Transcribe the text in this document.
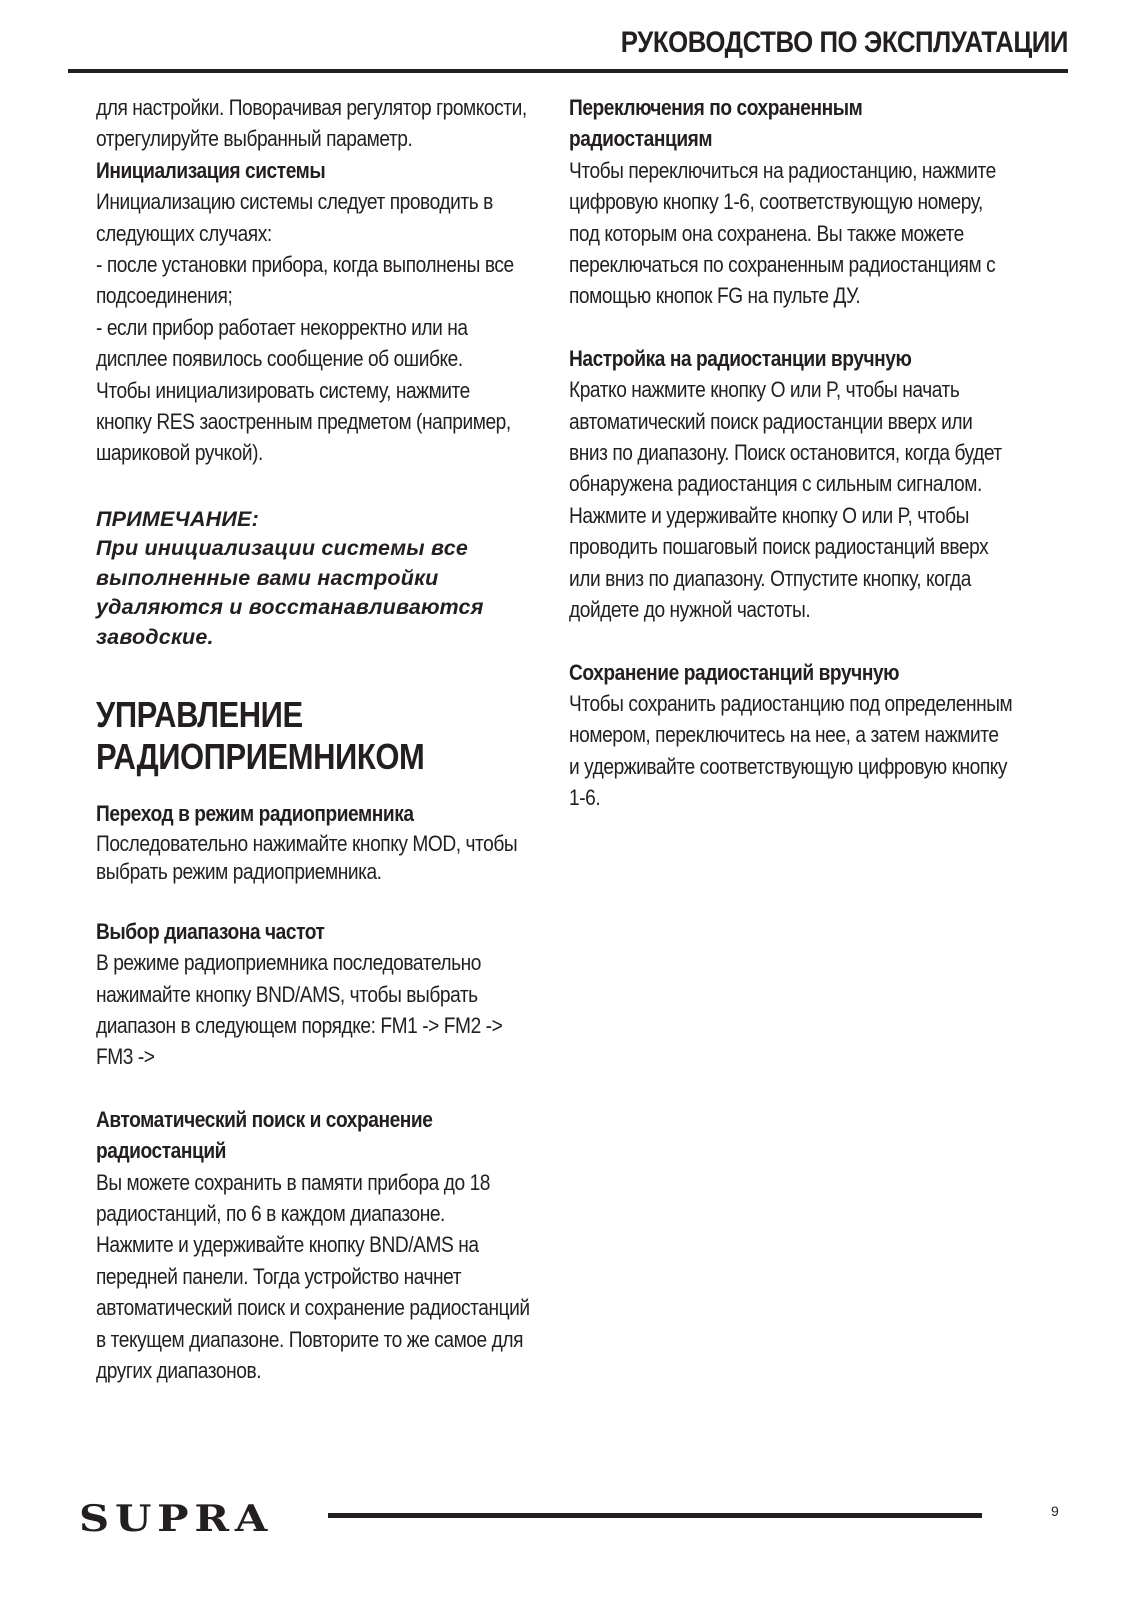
РУКОВОДСТВО ПО ЭКСПЛУАТАЦИИ

для настройки. Поворачивая регулятор громкости,

отрегулируйте выбранный параметр.

Инициализация системы

Инициализацию системы следует проводить в

следующих случаях:

- после установки прибора, когда выполнены все

подсоединения;

- если прибор работает некорректно или на

дисплее появилось сообщение об ошибке.

Чтобы инициализировать систему, нажмите

кнопку RES заостренным предметом (например,

шариковой ручкой).

ПРИМЕЧАНИЕ:

При инициализации системы все

выполненные вами настройки

удаляются и восстанавливаются

заводские.

УПРАВЛЕНИЕ

РАДИОПРИЕМНИКОМ

Переход в режим радиоприемника

Последовательно нажимайте кнопку MOD, чтобы

выбрать режим радиоприемника.

Выбор диапазона частот

В режиме радиоприемника последовательно

нажимайте кнопку BND/AMS, чтобы выбрать

диапазон в следующем порядке: FM1 -> FM2 ->

FM3 ->

Автоматический поиск и сохранение

радиостанций

Вы можете сохранить в памяти прибора до 18

радиостанций, по 6 в каждом диапазоне.

Нажмите и удерживайте кнопку BND/AMS на

передней панели. Тогда устройство начнет

автоматический поиск и сохранение радиостанций

в текущем диапазоне. Повторите то же самое для

других диапазонов.

Переключения по сохраненным

радиостанциям

Чтобы переключиться на радиостанцию, нажмите

цифровую кнопку 1-6, соответствующую номеру,

под которым она сохранена. Вы также можете

переключаться по сохраненным радиостанциям с

помощью кнопок FG на пульте ДУ.

Настройка на радиостанции вручную

Кратко нажмите кнопку O или P, чтобы начать

автоматический поиск радиостанции вверх или

вниз по диапазону. Поиск остановится, когда будет

обнаружена радиостанция с сильным сигналом.

Нажмите и удерживайте кнопку O или P, чтобы

проводить пошаговый поиск радиостанций вверх

или вниз по диапазону. Отпустите кнопку, когда

дойдете до нужной частоты.

Сохранение радиостанций вручную

Чтобы сохранить радиостанцию под определенным

номером, переключитесь на нее, а затем нажмите

и удерживайте соответствующую цифровую кнопку

1-6.

SUPRA	9
